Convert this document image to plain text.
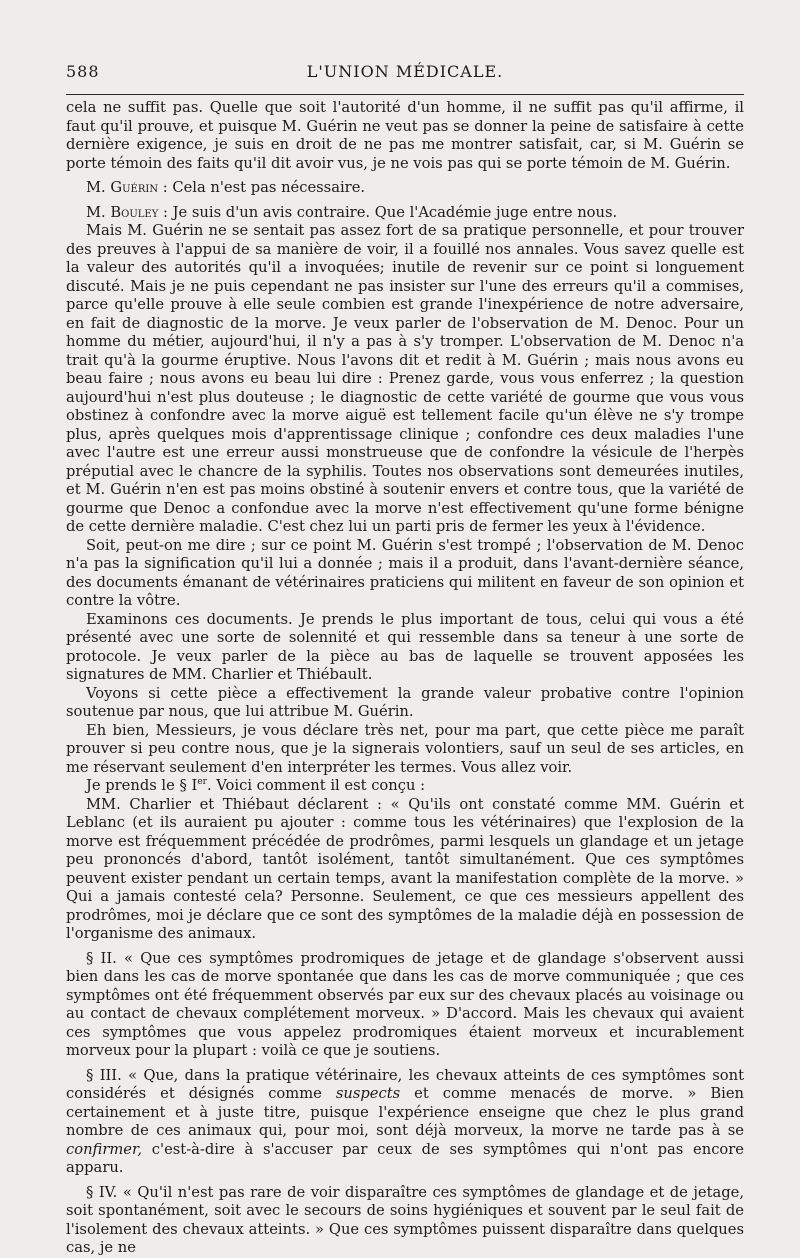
588	L'UNION MÉDICALE.

cela ne suffit pas. Quelle que soit l'autorité d'un homme, il ne suffit pas qu'il affirme, il faut qu'il prouve, et puisque M. Guérin ne veut pas se donner la peine de satisfaire à cette dernière exigence, je suis en droit de ne pas me montrer satisfait, car, si M. Guérin se porte témoin des faits qu'il dit avoir vus, je ne vois pas qui se porte témoin de M. Guérin.

M. Guérin : Cela n'est pas nécessaire.

M. Bouley : Je suis d'un avis contraire. Que l'Académie juge entre nous.

Mais M. Guérin ne se sentait pas assez fort de sa pratique personnelle, et pour trouver des preuves à l'appui de sa manière de voir, il a fouillé nos annales. Vous savez quelle est la valeur des autorités qu'il a invoquées; inutile de revenir sur ce point si longuement discuté. Mais je ne puis cependant ne pas insister sur l'une des erreurs qu'il a commises, parce qu'elle prouve à elle seule combien est grande l'inexpérience de notre adversaire, en fait de diagnostic de la morve. Je veux parler de l'observation de M. Denoc. Pour un homme du métier, aujourd'hui, il n'y a pas à s'y tromper. L'observation de M. Denoc n'a trait qu'à la gourme éruptive. Nous l'avons dit et redit à M. Guérin ; mais nous avons eu beau faire ; nous avons eu beau lui dire : Prenez garde, vous vous enferrez ; la question aujourd'hui n'est plus douteuse ; le diagnostic de cette variété de gourme que vous vous obstinez à confondre avec la morve aiguë est tellement facile qu'un élève ne s'y trompe plus, après quelques mois d'apprentissage clinique ; confondre ces deux maladies l'une avec l'autre est une erreur aussi monstrueuse que de confondre la vésicule de l'herpès préputial avec le chancre de la syphilis. Toutes nos observations sont demeurées inutiles, et M. Guérin n'en est pas moins obstiné à soutenir envers et contre tous, que la variété de gourme que Denoc a confondue avec la morve n'est effectivement qu'une forme bénigne de cette dernière maladie. C'est chez lui un parti pris de fermer les yeux à l'évidence.

Soit, peut-on me dire ; sur ce point M. Guérin s'est trompé ; l'observation de M. Denoc n'a pas la signification qu'il lui a donnée ; mais il a produit, dans l'avant-dernière séance, des documents émanant de vétérinaires praticiens qui militent en faveur de son opinion et contre la vôtre.

Examinons ces documents. Je prends le plus important de tous, celui qui vous a été présenté avec une sorte de solennité et qui ressemble dans sa teneur à une sorte de protocole. Je veux parler de la pièce au bas de laquelle se trouvent apposées les signatures de MM. Charlier et Thiébault.

Voyons si cette pièce a effectivement la grande valeur probative contre l'opinion soutenue par nous, que lui attribue M. Guérin.

Eh bien, Messieurs, je vous déclare très net, pour ma part, que cette pièce me paraît prouver si peu contre nous, que je la signerais volontiers, sauf un seul de ses articles, en me réservant seulement d'en interpréter les termes. Vous allez voir.

Je prends le § Ier. Voici comment il est conçu :

MM. Charlier et Thiébaut déclarent : « Qu'ils ont constaté comme MM. Guérin et Leblanc (et ils auraient pu ajouter : comme tous les vétérinaires) que l'explosion de la morve est fréquemment précédée de prodrômes, parmi lesquels un glandage et un jetage peu prononcés d'abord, tantôt isolément, tantôt simultanément. Que ces symptômes peuvent exister pendant un certain temps, avant la manifestation complète de la morve. » Qui a jamais contesté cela? Personne. Seulement, ce que ces messieurs appellent des prodrômes, moi je déclare que ce sont des symptômes de la maladie déjà en possession de l'organisme des animaux.

§ II. « Que ces symptômes prodromiques de jetage et de glandage s'observent aussi bien dans les cas de morve spontanée que dans les cas de morve communiquée ; que ces symptômes ont été fréquemment observés par eux sur des chevaux placés au voisinage ou au contact de chevaux complétement morveux. » D'accord. Mais les chevaux qui avaient ces symptômes que vous appelez prodromiques étaient morveux et incurablement morveux pour la plupart : voilà ce que je soutiens.

§ III. « Que, dans la pratique vétérinaire, les chevaux atteints de ces symptômes sont considérés et désignés comme suspects et comme menacés de morve. » Bien certainement et à juste titre, puisque l'expérience enseigne que chez le plus grand nombre de ces animaux qui, pour moi, sont déjà morveux, la morve ne tarde pas à se confirmer, c'est-à-dire à s'accuser par ceux de ses symptômes qui n'ont pas encore apparu.

§ IV. « Qu'il n'est pas rare de voir disparaître ces symptômes de glandage et de jetage, soit spontanément, soit avec le secours de soins hygiéniques et souvent par le seul fait de l'isolement des chevaux atteints. » Que ces symptômes puissent disparaître dans quelques cas, je ne
